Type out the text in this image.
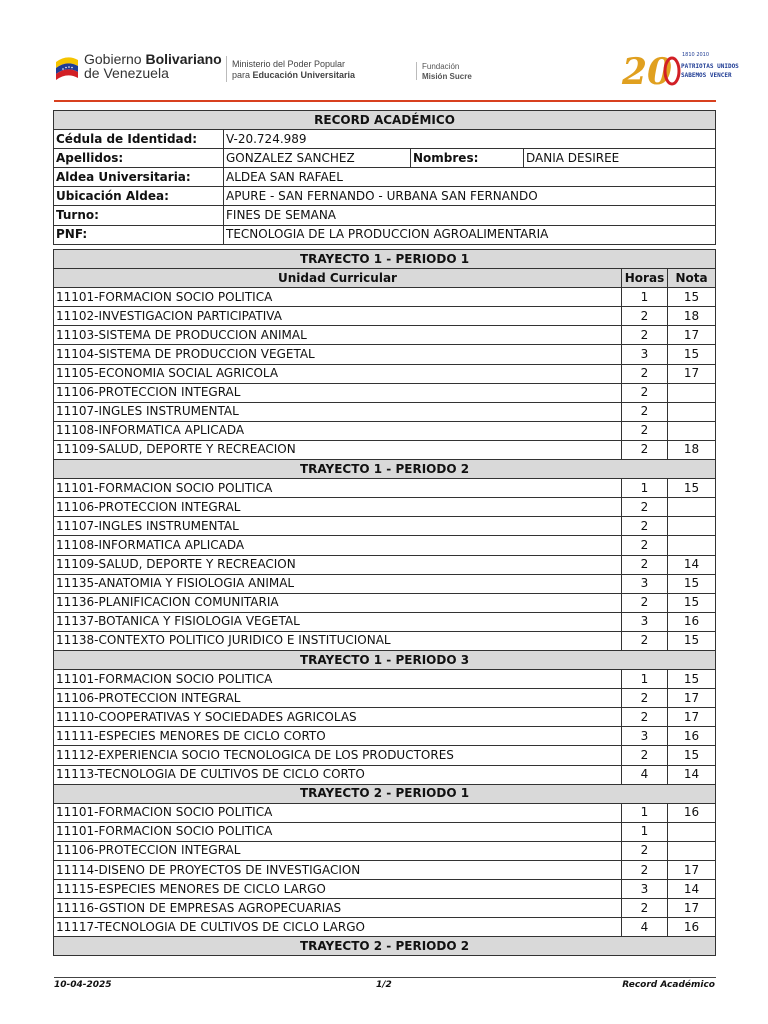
Gobierno Bolivariano
de Venezuela
Ministerio del Poder Popular
para Educación Universitaria
Fundación
Misión Sucre	20 1810 2010
PATRIOTAS UNIDOS
SABEMOS VENCER
RECORD ACADÉMICO			
Cédula de Identidad:	V-20.724.989		
Apellidos:	GONZALEZ SANCHEZ	Nombres:	DANIA DESIREE
Aldea Universitaria:	ALDEA SAN RAFAEL		
Ubicación Aldea:	APURE - SAN FERNANDO - URBANA SAN FERNANDO		
Turno:	FINES DE SEMANA		
PNF:	TECNOLOGIA DE LA PRODUCCION AGROALIMENTARIA		
TRAYECTO 1 - PERIODO 1		
Unidad Curricular	Horas	Nota
11101-FORMACION SOCIO POLITICA	1	15
11102-INVESTIGACION PARTICIPATIVA	2	18
11103-SISTEMA DE PRODUCCION ANIMAL	2	17
11104-SISTEMA DE PRODUCCION VEGETAL	3	15
11105-ECONOMIA SOCIAL AGRICOLA	2	17
11106-PROTECCION INTEGRAL	2	
11107-INGLES INSTRUMENTAL	2	
11108-INFORMATICA APLICADA	2	
11109-SALUD, DEPORTE Y RECREACION	2	18
TRAYECTO 1 - PERIODO 2		
11101-FORMACION SOCIO POLITICA	1	15
11106-PROTECCION INTEGRAL	2	
11107-INGLES INSTRUMENTAL	2	
11108-INFORMATICA APLICADA	2	
11109-SALUD, DEPORTE Y RECREACION	2	14
11135-ANATOMIA Y FISIOLOGIA ANIMAL	3	15
11136-PLANIFICACION COMUNITARIA	2	15
11137-BOTANICA Y FISIOLOGIA VEGETAL	3	16
11138-CONTEXTO POLITICO JURIDICO E INSTITUCIONAL	2	15
TRAYECTO 1 - PERIODO 3		
11101-FORMACION SOCIO POLITICA	1	15
11106-PROTECCION INTEGRAL	2	17
11110-COOPERATIVAS Y SOCIEDADES AGRICOLAS	2	17
11111-ESPECIES MENORES DE CICLO CORTO	3	16
11112-EXPERIENCIA SOCIO TECNOLOGICA DE LOS PRODUCTORES	2	15
11113-TECNOLOGIA DE CULTIVOS DE CICLO CORTO	4	14
TRAYECTO 2 - PERIODO 1		
11101-FORMACION SOCIO POLITICA	1	16
11101-FORMACION SOCIO POLITICA	1	
11106-PROTECCION INTEGRAL	2	
11114-DISENO DE PROYECTOS DE INVESTIGACION	2	17
11115-ESPECIES MENORES DE CICLO LARGO	3	14
11116-GSTION DE EMPRESAS AGROPECUARIAS	2	17
11117-TECNOLOGIA DE CULTIVOS DE CICLO LARGO	4	16
TRAYECTO 2 - PERIODO 2		
10-04-2025	1/2	Record Académico
